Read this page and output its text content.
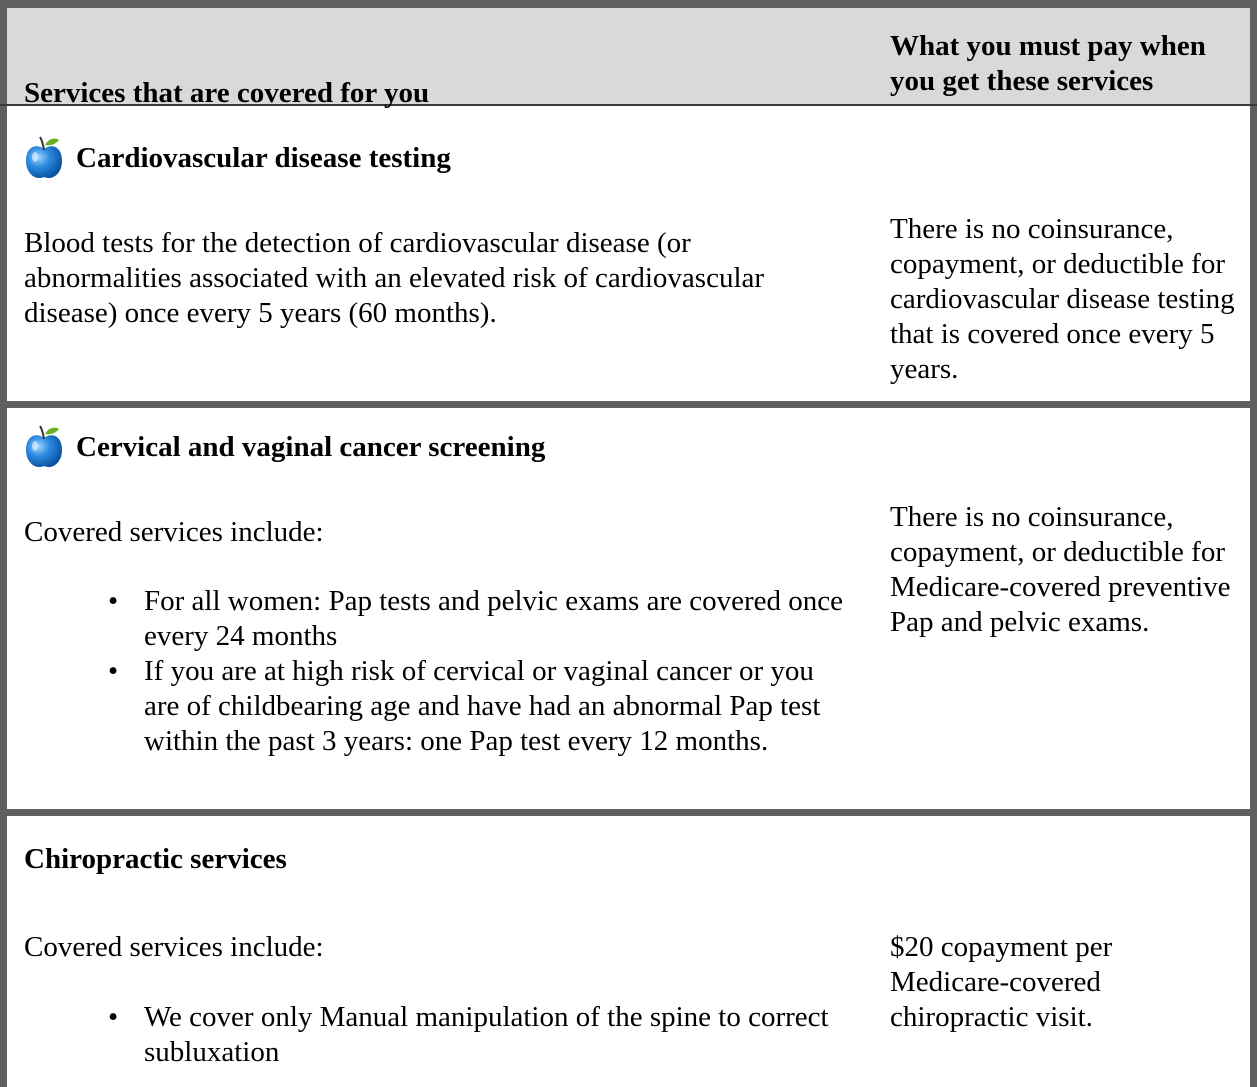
Services that are covered for you
What you must pay when you get these services
Cardiovascular disease testing
Blood tests for the detection of cardiovascular disease (or abnormalities associated with an elevated risk of cardiovascular disease) once every 5 years (60 months).
There is no coinsurance, copayment, or deductible for cardiovascular disease testing that is covered once every 5 years.
Cervical and vaginal cancer screening
Covered services include:	There is no coinsurance, copayment, or deductible for Medicare-covered preventive Pap and pelvic exams.
• For all women: Pap tests and pelvic exams are covered once every 24 months
• If you are at high risk of cervical or vaginal cancer or you are of childbearing age and have had an abnormal Pap test within the past 3 years: one Pap test every 12 months.
Chiropractic services
Covered services include:	$20 copayment per Medicare-covered chiropractic visit.
• We cover only Manual manipulation of the spine to correct subluxation
